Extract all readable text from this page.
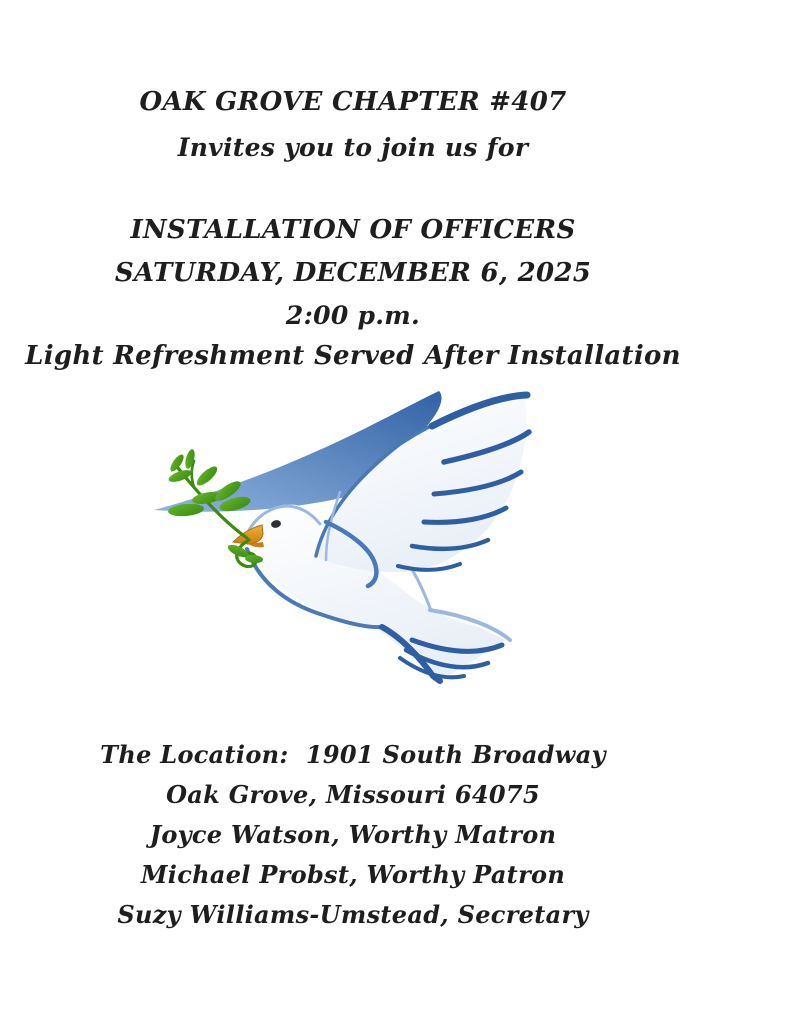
OAK GROVE CHAPTER #407
Invites you to join us for
INSTALLATION OF OFFICERS
SATURDAY, DECEMBER 6, 2025
2:00 p.m.
Light Refreshment Served After Installation
The Location:  1901 South Broadway
Oak Grove, Missouri 64075
Joyce Watson, Worthy Matron
Michael Probst, Worthy Patron
Suzy Williams-Umstead, Secretary
